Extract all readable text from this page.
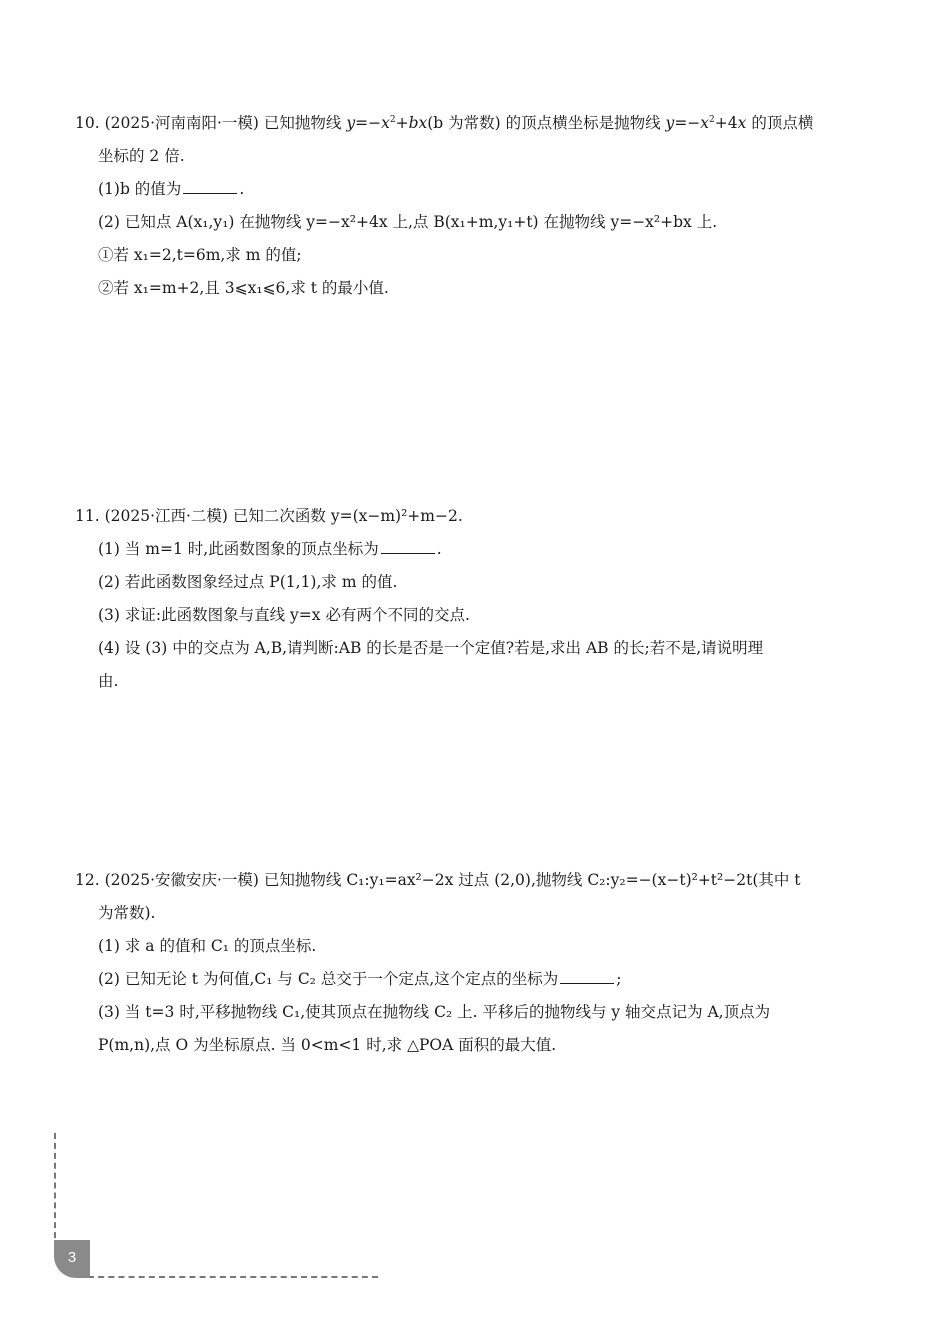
10. (2025·河南南阳·一模) 已知抛物线 $y=-x^2+bx(b$ 为常数) 的顶点横坐标是抛物线 $y=-x^2+4x$ 的顶点横
坐标的 2 倍.
(1)b 的值为	.
(2) 已知点 A(x₁,y₁) 在抛物线 y=−x²+4x 上,点 B(x₁+m,y₁+t) 在抛物线 y=−x²+bx 上.
①若 x₁=2,t=6m,求 m 的值;
②若 x₁=m+2,且 3⩽x₁⩽6,求 t 的最小值.
11. (2025·江西·二模) 已知二次函数 y=(x−m)²+m−2.
(1) 当 m=1 时,此函数图象的顶点坐标为	.
(2) 若此函数图象经过点 P(1,1),求 m 的值.
(3) 求证:此函数图象与直线 y=x 必有两个不同的交点.
(4) 设 (3) 中的交点为 A,B,请判断:AB 的长是否是一个定值?若是,求出 AB 的长;若不是,请说明理
由.
12. (2025·安徽安庆·一模) 已知抛物线 C₁:y₁=ax²−2x 过点 (2,0),抛物线 C₂:y₂=−(x−t)²+t²−2t(其中 t
为常数).
(1) 求 a 的值和 C₁ 的顶点坐标.
(2) 已知无论 t 为何值,C₁ 与 C₂ 总交于一个定点,这个定点的坐标为	;
(3) 当 t=3 时,平移抛物线 C₁,使其顶点在抛物线 C₂ 上. 平移后的抛物线与 y 轴交点记为 A,顶点为
P(m,n),点 O 为坐标原点. 当 0<m<1 时,求 △POA 面积的最大值.
3
